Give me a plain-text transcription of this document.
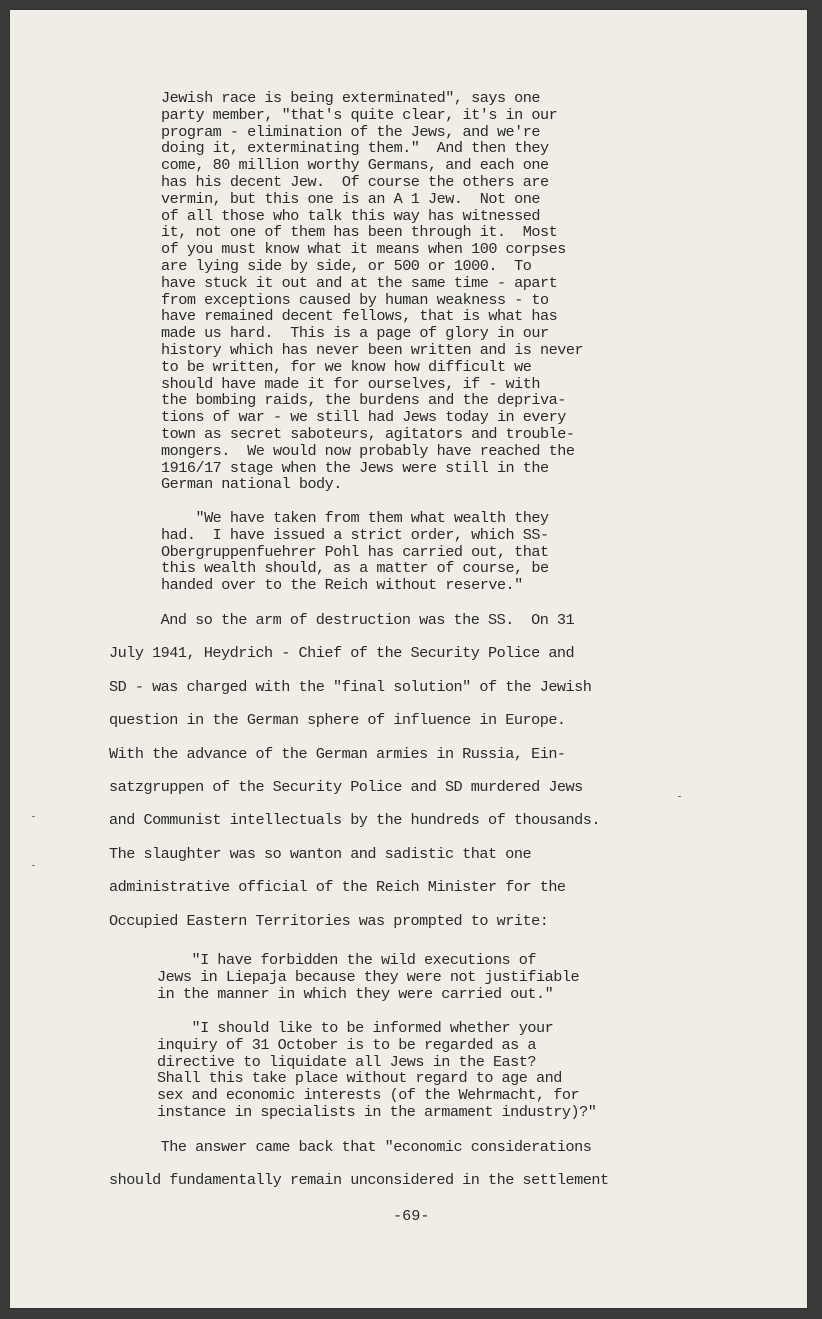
Jewish race is being exterminated", says one
party member, "that's quite clear, it's in our
program - elimination of the Jews, and we're
doing it, exterminating them."  And then they
come, 80 million worthy Germans, and each one
has his decent Jew.  Of course the others are
vermin, but this one is an A 1 Jew.  Not one
of all those who talk this way has witnessed
it, not one of them has been through it.  Most
of you must know what it means when 100 corpses
are lying side by side, or 500 or 1000.  To
have stuck it out and at the same time - apart
from exceptions caused by human weakness - to
have remained decent fellows, that is what has
made us hard.  This is a page of glory in our
history which has never been written and is never
to be written, for we know how difficult we
should have made it for ourselves, if - with
the bombing raids, the burdens and the depriva-
tions of war - we still had Jews today in every
town as secret saboteurs, agitators and trouble-
mongers.  We would now probably have reached the
1916/17 stage when the Jews were still in the
German national body.
"We have taken from them what wealth they
had.  I have issued a strict order, which SS-
Obergruppenfuehrer Pohl has carried out, that
this wealth should, as a matter of course, be
handed over to the Reich without reserve."
And so the arm of destruction was the SS.  On 31
July 1941, Heydrich - Chief of the Security Police and
SD - was charged with the "final solution" of the Jewish
question in the German sphere of influence in Europe.
With the advance of the German armies in Russia, Ein-
satzgruppen of the Security Police and SD murdered Jews
and Communist intellectuals by the hundreds of thousands.
The slaughter was so wanton and sadistic that one
administrative official of the Reich Minister for the
Occupied Eastern Territories was prompted to write:
"I have forbidden the wild executions of
Jews in Liepaja because they were not justifiable
in the manner in which they were carried out."
"I should like to be informed whether your
inquiry of 31 October is to be regarded as a
directive to liquidate all Jews in the East?
Shall this take place without regard to age and
sex and economic interests (of the Wehrmacht, for
instance in specialists in the armament industry)?"
The answer came back that "economic considerations
should fundamentally remain unconsidered in the settlement
-69-
